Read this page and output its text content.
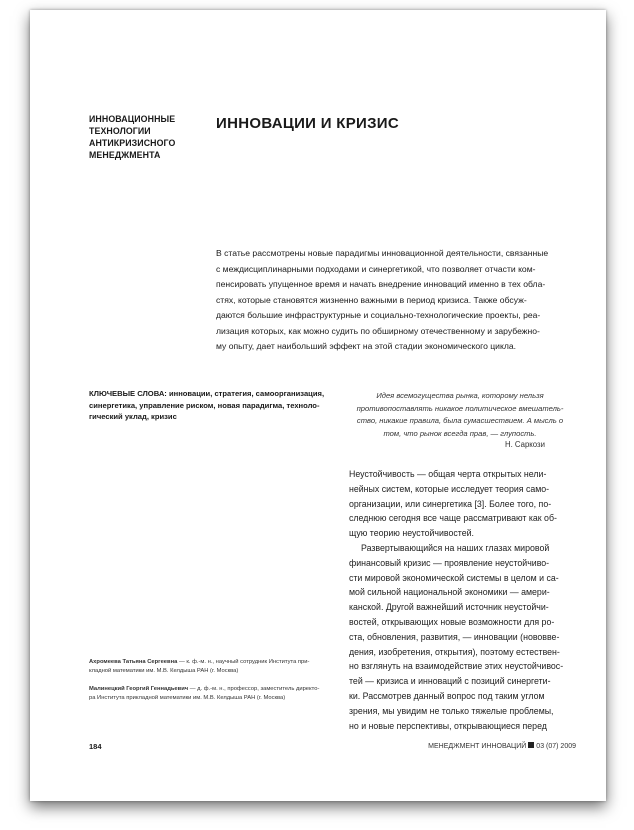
ИННОВАЦИОННЫЕ
ТЕХНОЛОГИИ
АНТИКРИЗИСНОГО
МЕНЕДЖМЕНТА
ИННОВАЦИИ И КРИЗИС
В статье рассмотрены новые парадигмы инновационной деятельности, связанные
с междисциплинарными подходами и синергетикой, что позволяет отчасти ком-
пенсировать упущенное время и начать внедрение инноваций именно в тех обла-
стях, которые становятся жизненно важными в период кризиса. Также обсуж-
даются большие инфраструктурные и социально-технологические проекты, реа-
лизация которых, как можно судить по обширному отечественному и зарубежно-
му опыту, дает наибольший эффект на этой стадии экономического цикла.
КЛЮЧЕВЫЕ СЛОВА: инновации, стратегия, самоорганизация,
синергетика, управление риском, новая парадигма, техноло-
гический уклад, кризис
Идея всемогущества рынка, которому нельзя
противопоставлять никакое политическое вмешатель-
ство, никакие правила, была сумасшествием. А мысль о
том, что рынок всегда прав, — глупость.
Н. Саркози
Неустойчивость — общая черта открытых нели-
нейных систем, которые исследует теория само-
организации, или синергетика [3]. Более того, по-
следнюю сегодня все чаще рассматривают как об-
щую теорию неустойчивостей.
Развертывающийся на наших глазах мировой
финансовый кризис — проявление неустойчиво-
сти мировой экономической системы в целом и са-
мой сильной национальной экономики — амери-
канской. Другой важнейший источник неустойчи-
востей, открывающих новые возможности для ро-
ста, обновления, развития, — инновации (нововве-
дения, изобретения, открытия), поэтому естествен-
но взглянуть на взаимодействие этих неустойчивос-
тей — кризиса и инноваций с позиций синергети-
ки. Рассмотрев данный вопрос под таким углом
зрения, мы увидим не только тяжелые проблемы,
но и новые перспективы, открывающиеся перед
Ахромеева Татьяна Сергеевна — к. ф.-м. н., научный сотрудник Института при-
кладной математики им. М.В. Келдыша РАН (г. Москва)
Малинецкий Георгий Геннадьевич — д. ф.-м. н., профессор, заместитель директо-
ра Института прикладной математики им. М.В. Келдыша РАН (г. Москва)
184	МЕНЕДЖМЕНТ ИННОВАЦИЙ 03 (07) 2009
